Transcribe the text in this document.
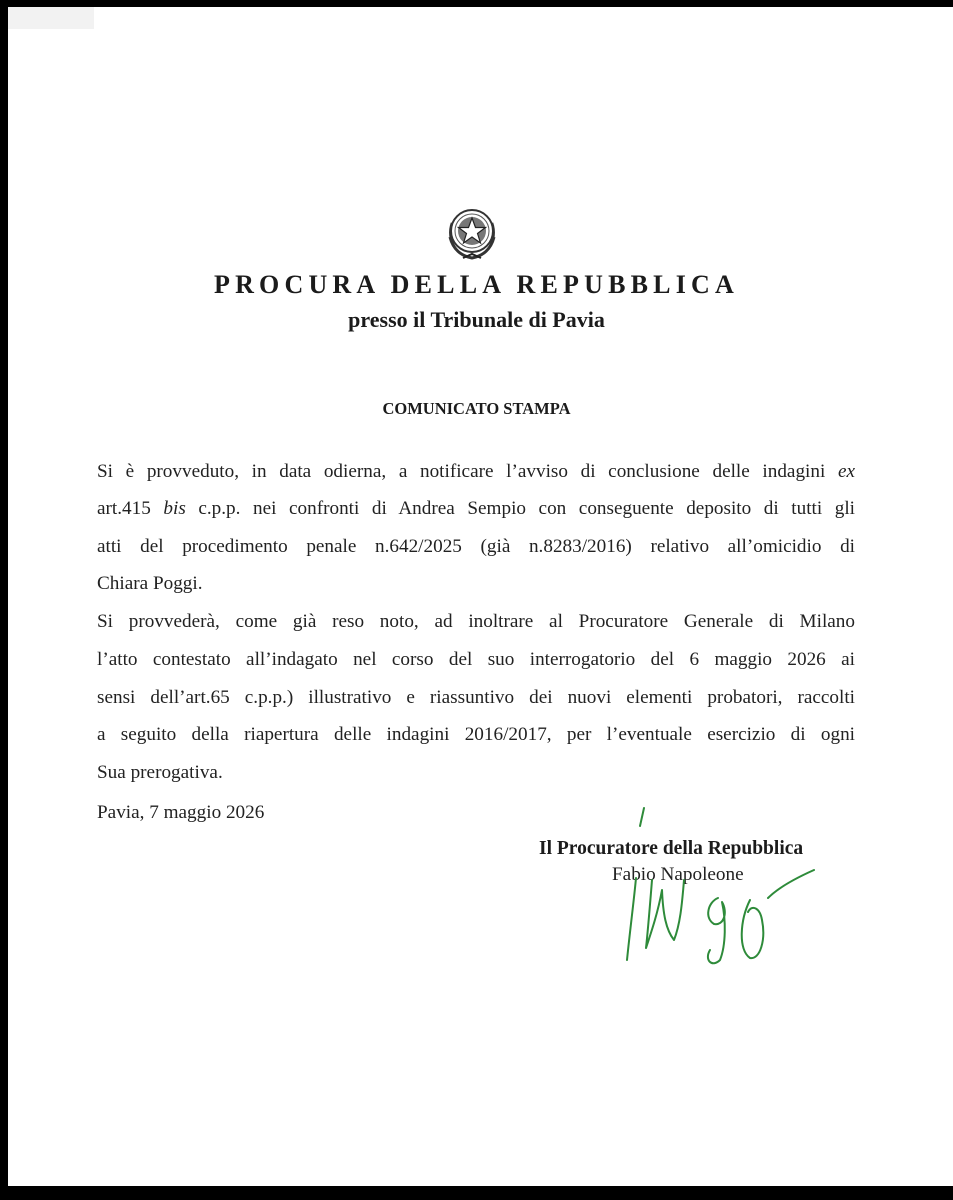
PROCURA DELLA REPUBBLICA
presso il Tribunale di Pavia
COMUNICATO STAMPA
Si è provveduto, in data odierna, a notificare l’avviso di conclusione delle indagini ex
art.415 bis c.p.p. nei confronti di Andrea Sempio con conseguente deposito di tutti gli
atti del procedimento penale n.642/2025 (già n.8283/2016) relativo all’omicidio di
Chiara Poggi.
Si provvederà, come già reso noto, ad inoltrare al Procuratore Generale di Milano
l’atto contestato all’indagato nel corso del suo interrogatorio del 6 maggio 2026 ai
sensi dell’art.65 c.p.p.) illustrativo e riassuntivo dei nuovi elementi probatori, raccolti
a seguito della riapertura delle indagini 2016/2017, per l’eventuale esercizio di ogni
Sua prerogativa.
Pavia, 7 maggio 2026
Il Procuratore della Repubblica
Fabio Napoleone
